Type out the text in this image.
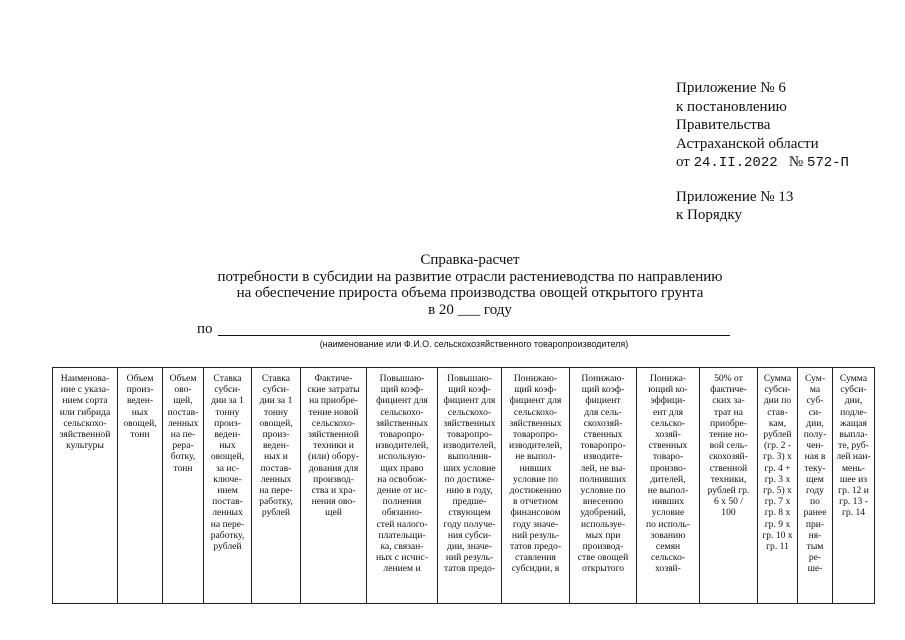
Приложение № 6
к постановлению
Правительства
Астраханской области
от 24.II.2022 № 572-П
Приложение № 13
к Порядку
Справка-расчет
потребности в субсидии на развитие отрасли растениеводства по направлению
на обеспечение прироста объема производства овощей открытого грунта
в 20 ___ году
по
(наименование или Ф.И.О. сельскохозяйственного товаропроизводителя)
Наименова-
ние с указа-
нием сорта
или гибрида
сельскохо-
зяйственной
культуры

Объем
произ-
веден-
ных
овощей,
тонн

Объем
ово-
щей,
постав-
ленных
на пе-
рера-
ботку,
тонн

Ставка
субси-
дии за 1
тонну
произ-
веден-
ных
овощей,
за ис-
ключе-
нием
постав-
ленных
на пере-
работку,
рублей

Ставка
субси-
дии за 1
тонну
овощей,
произ-
веден-
ных и
постав-
ленных
на пере-
работку,
рублей

Фактиче-
ские затраты
на приобре-
тение новой
сельскохо-
зяйственной
техники и
(или) обору-
дования для
производ-
ства и хра-
нения ово-
щей

Повышаю-
щий коэф-
фициент для
сельскохо-
зяйственных
товаропро-
изводителей,
использую-
щих право
на освобож-
дение от ис-
полнения
обязанно-
стей налого-
плательщи-
ка, связан-
ных с исчис-
лением и

Повышаю-
щий коэф-
фициент для
сельскохо-
зяйственных
товаропро-
изводителей,
выполнив-
ших условие
по достиже-
нию в году,
предше-
ствующем
году получе-
ния субси-
дии, значе-
ний резуль-
татов предо-

Понижаю-
щий коэф-
фициент для
сельскохо-
зяйственных
товаропро-
изводителей,
не выпол-
нивших
условие по
достижению
в отчетном
финансовом
году значе-
ний резуль-
татов предо-
ставления
субсидии, в

Понижаю-
щий коэф-
фициент
для сель-
скохозяй-
ственных
товаропро-
изводите-
лей, не вы-
полнивших
условие по
внесению
удобрений,
используе-
мых при
производ-
стве овощей
открытого

Понижа-
ющий ко-
эффици-
ент для
сельско-
хозяй-
ственных
товаро-
произво-
дителей,
не выпол-
нивших
условие
по исполь-
зованию
семян
сельско-
хозяй-

50% от
фактиче-
ских за-
трат на
приобре-
тение но-
вой сель-
скохозяй-
ственной
техники,
рублей гр.
6 х 50 /
100

Сумма
субси-
дии по
став-
кам,
рублей
(гр. 2 -
гр. 3) х
гр. 4 +
гр. 3 х
гр. 5) х
гр. 7 х
гр. 8 х
гр. 9 х
гр. 10 х
гр. 11

Сум-
ма
суб-
си-
дии,
полу-
чен-
ная в
теку-
щем
году
по
ранее
при-
ня-
тым
ре-
ше-

Сумма
субси-
дии,
подле-
жащая
выпла-
те, руб-
лей наи-
мень-
шее из
гр. 12 и
гр. 13 -
гр. 14
